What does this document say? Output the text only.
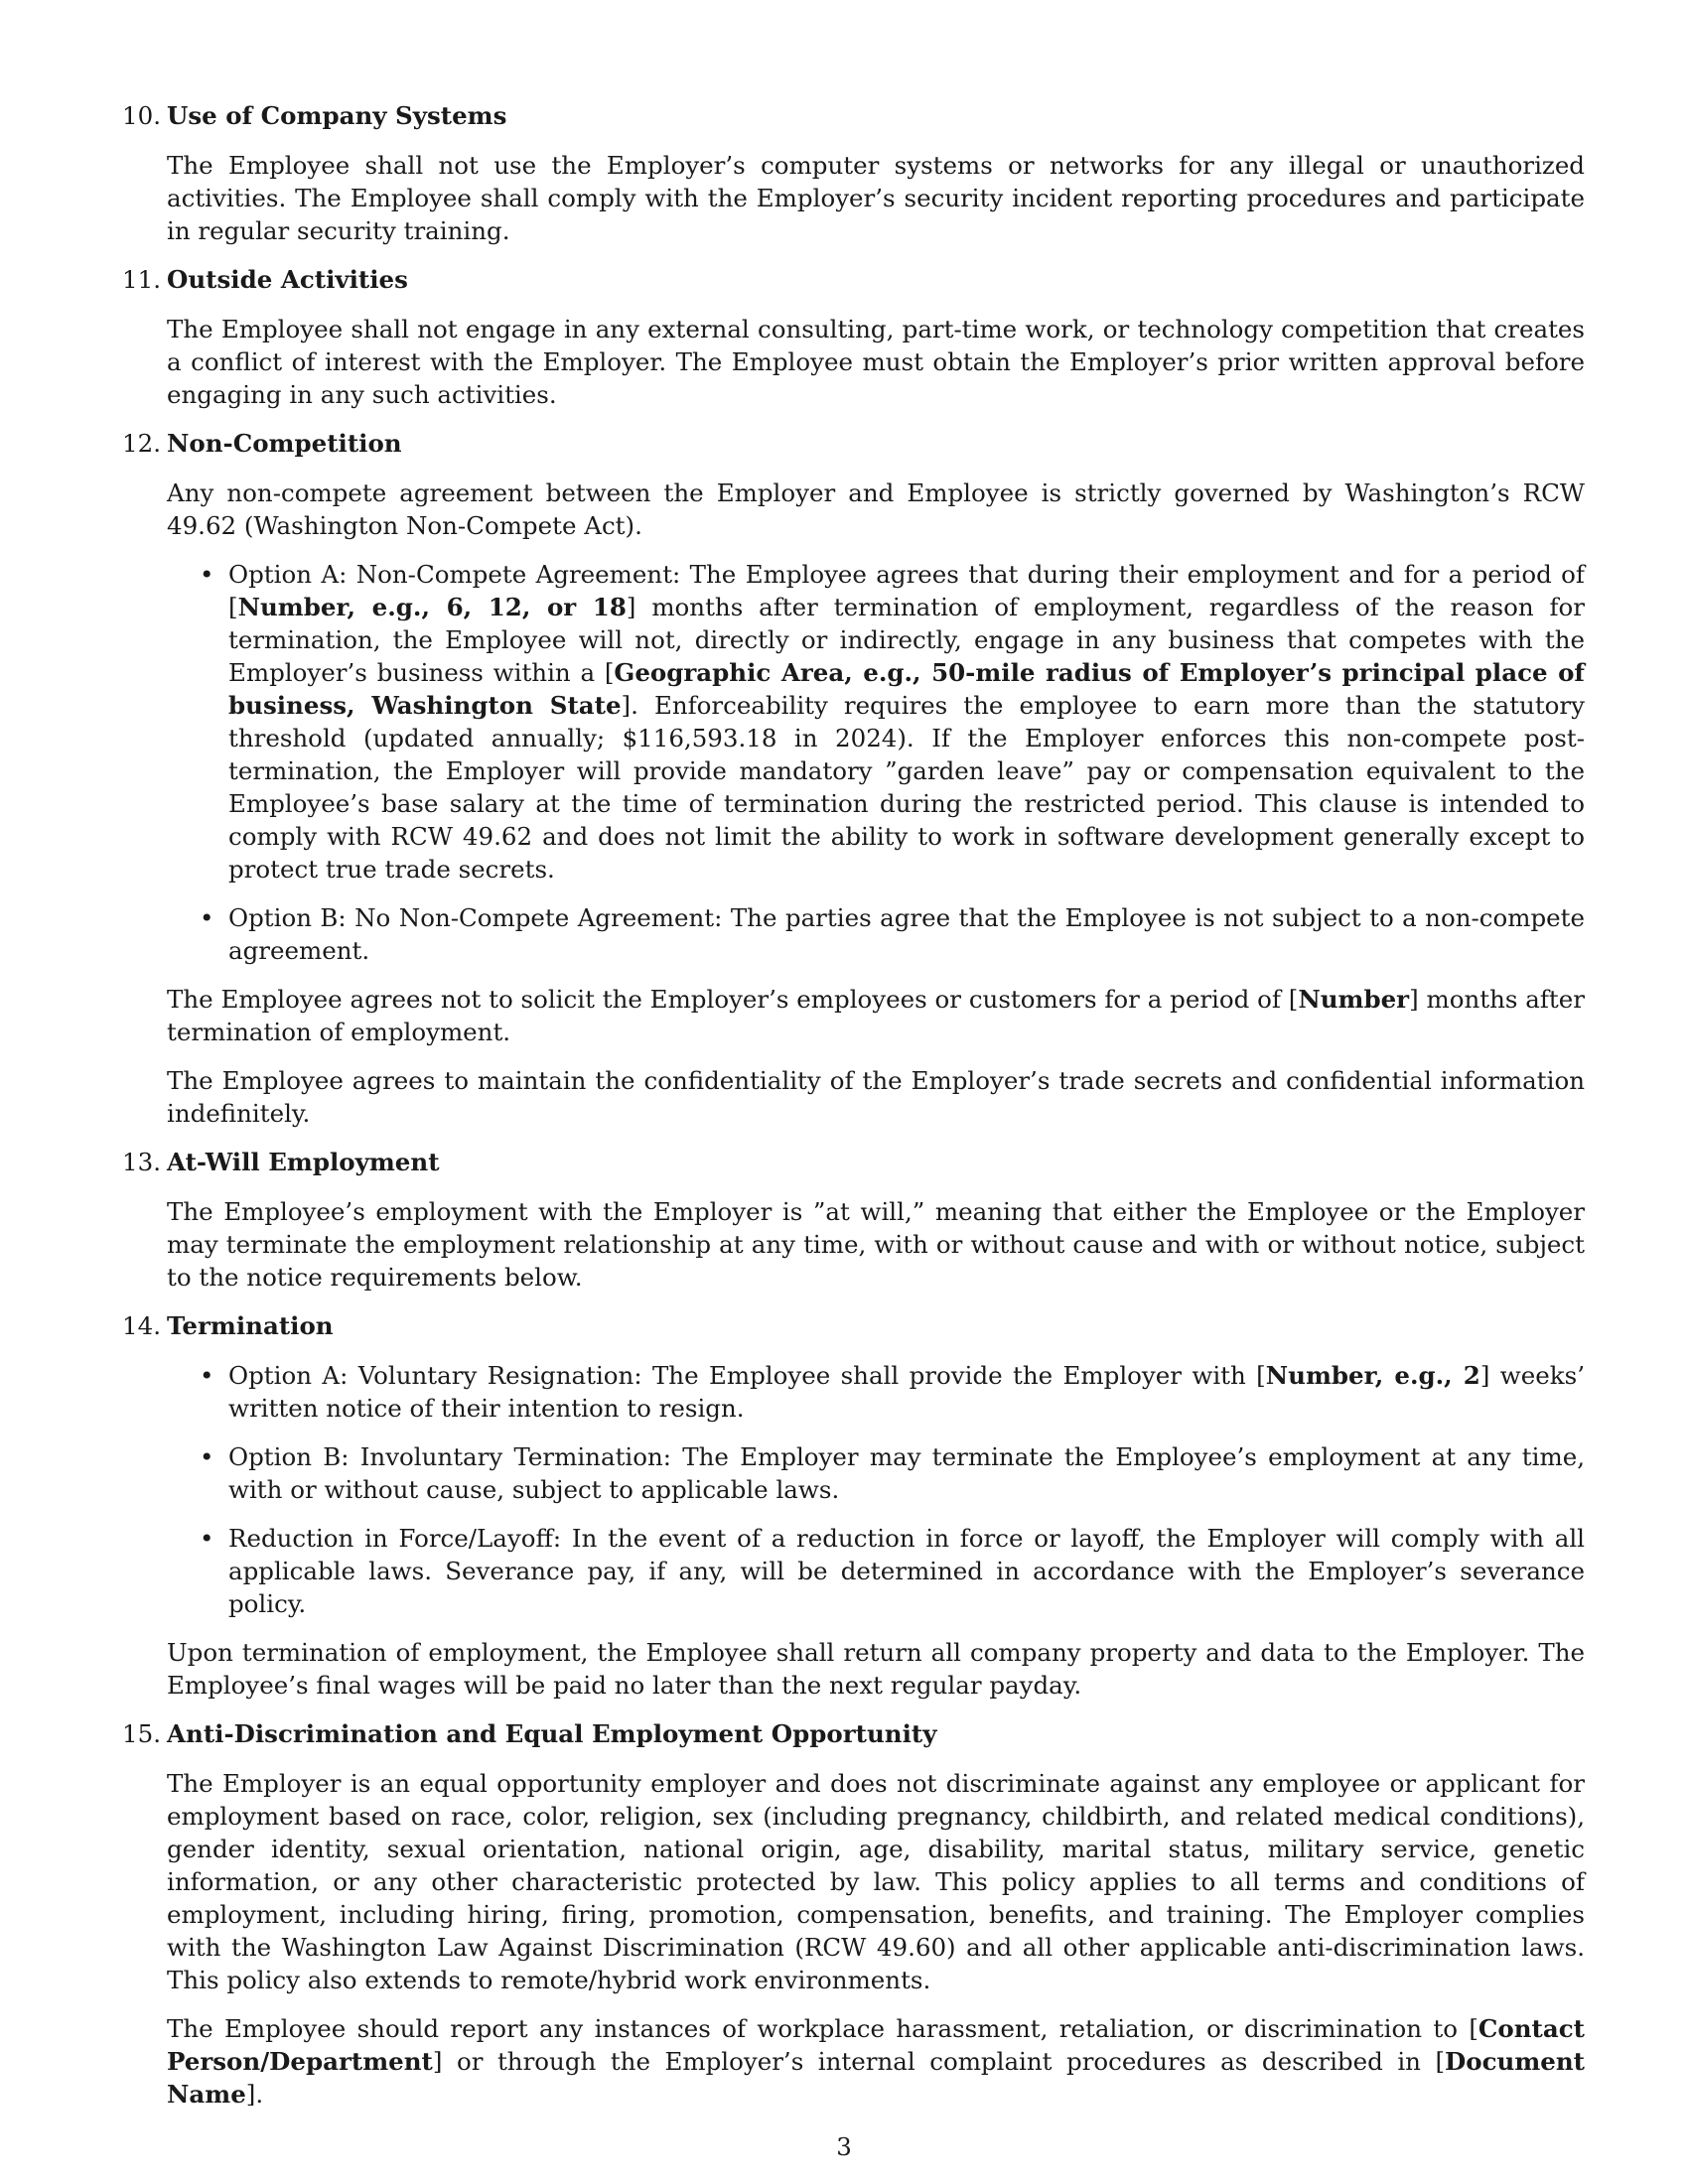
10. Use of Company Systems

The Employee shall not use the Employer’s computer systems or networks for any illegal or unauthorized activities. The Employee shall comply with the Employer’s security incident reporting procedures and participate in regular security training.

11. Outside Activities

The Employee shall not engage in any external consulting, part-time work, or technology competition that creates a conflict of interest with the Employer. The Employee must obtain the Employer’s prior written approval before engaging in any such activities.

12. Non-Competition

Any non-compete agreement between the Employer and Employee is strictly governed by Washington’s RCW 49.62 (Washington Non-Compete Act).

• Option A: Non-Compete Agreement: The Employee agrees that during their employment and for a period of [Number, e.g., 6, 12, or 18] months after termination of employment, regardless of the reason for termination, the Employee will not, directly or indirectly, engage in any business that competes with the Employer’s business within a [Geographic Area, e.g., 50-mile radius of Employer’s principal place of business, Washington State]. Enforceability requires the employee to earn more than the statutory threshold (updated annually; $116,593.18 in 2024). If the Employer enforces this non-compete post-termination, the Employer will provide mandatory ”garden leave” pay or compensation equivalent to the Employee’s base salary at the time of termination during the restricted period. This clause is intended to comply with RCW 49.62 and does not limit the ability to work in software development generally except to protect true trade secrets.
• Option B: No Non-Compete Agreement: The parties agree that the Employee is not subject to a non-compete agreement.

The Employee agrees not to solicit the Employer’s employees or customers for a period of [Number] months after termination of employment.

The Employee agrees to maintain the confidentiality of the Employer’s trade secrets and confidential information indefinitely.

13. At-Will Employment

The Employee’s employment with the Employer is ”at will,” meaning that either the Employee or the Employer may terminate the employment relationship at any time, with or without cause and with or without notice, subject to the notice requirements below.

14. Termination
• Option A: Voluntary Resignation: The Employee shall provide the Employer with [Number, e.g., 2] weeks’ written notice of their intention to resign.
• Option B: Involuntary Termination: The Employer may terminate the Employee’s employment at any time, with or without cause, subject to applicable laws.
• Reduction in Force/Layoff: In the event of a reduction in force or layoff, the Employer will comply with all applicable laws. Severance pay, if any, will be determined in accordance with the Employer’s severance policy.

Upon termination of employment, the Employee shall return all company property and data to the Employer. The Employee’s final wages will be paid no later than the next regular payday.

15. Anti-Discrimination and Equal Employment Opportunity

The Employer is an equal opportunity employer and does not discriminate against any employee or applicant for employment based on race, color, religion, sex (including pregnancy, childbirth, and related medical conditions), gender identity, sexual orientation, national origin, age, disability, marital status, military service, genetic information, or any other characteristic protected by law. This policy applies to all terms and conditions of employment, including hiring, firing, promotion, compensation, benefits, and training. The Employer complies with the Washington Law Against Discrimination (RCW 49.60) and all other applicable anti-discrimination laws. This policy also extends to remote/hybrid work environments.

The Employee should report any instances of workplace harassment, retaliation, or discrimination to [Contact Person/Department] or through the Employer’s internal complaint procedures as described in [Document Name].

3
